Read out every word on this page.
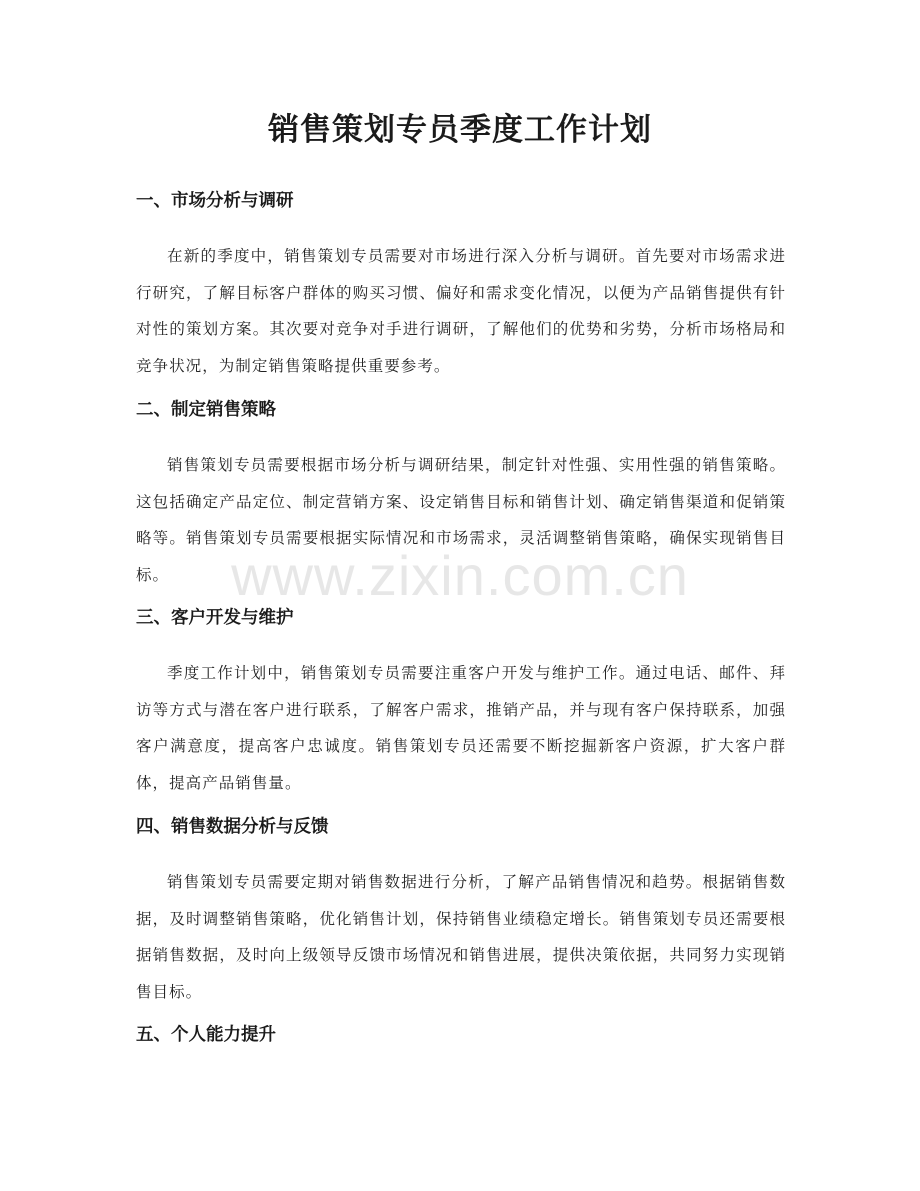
销售策划专员季度工作计划
一、市场分析与调研

在新的季度中，销售策划专员需要对市场进行深入分析与调研。首先要对市场需求进行研究，了解目标客户群体的购买习惯、偏好和需求变化情况，以便为产品销售提供有针对性的策划方案。其次要对竞争对手进行调研，了解他们的优势和劣势，分析市场格局和竞争状况，为制定销售策略提供重要参考。

二、制定销售策略

销售策划专员需要根据市场分析与调研结果，制定针对性强、实用性强的销售策略。这包括确定产品定位、制定营销方案、设定销售目标和销售计划、确定销售渠道和促销策略等。销售策划专员需要根据实际情况和市场需求，灵活调整销售策略，确保实现销售目标。

三、客户开发与维护

季度工作计划中，销售策划专员需要注重客户开发与维护工作。通过电话、邮件、拜访等方式与潜在客户进行联系，了解客户需求，推销产品，并与现有客户保持联系，加强客户满意度，提高客户忠诚度。销售策划专员还需要不断挖掘新客户资源，扩大客户群体，提高产品销售量。

四、销售数据分析与反馈

销售策划专员需要定期对销售数据进行分析，了解产品销售情况和趋势。根据销售数据，及时调整销售策略，优化销售计划，保持销售业绩稳定增长。销售策划专员还需要根据销售数据，及时向上级领导反馈市场情况和销售进展，提供决策依据，共同努力实现销售目标。

五、个人能力提升
www.zixin.com.cn
